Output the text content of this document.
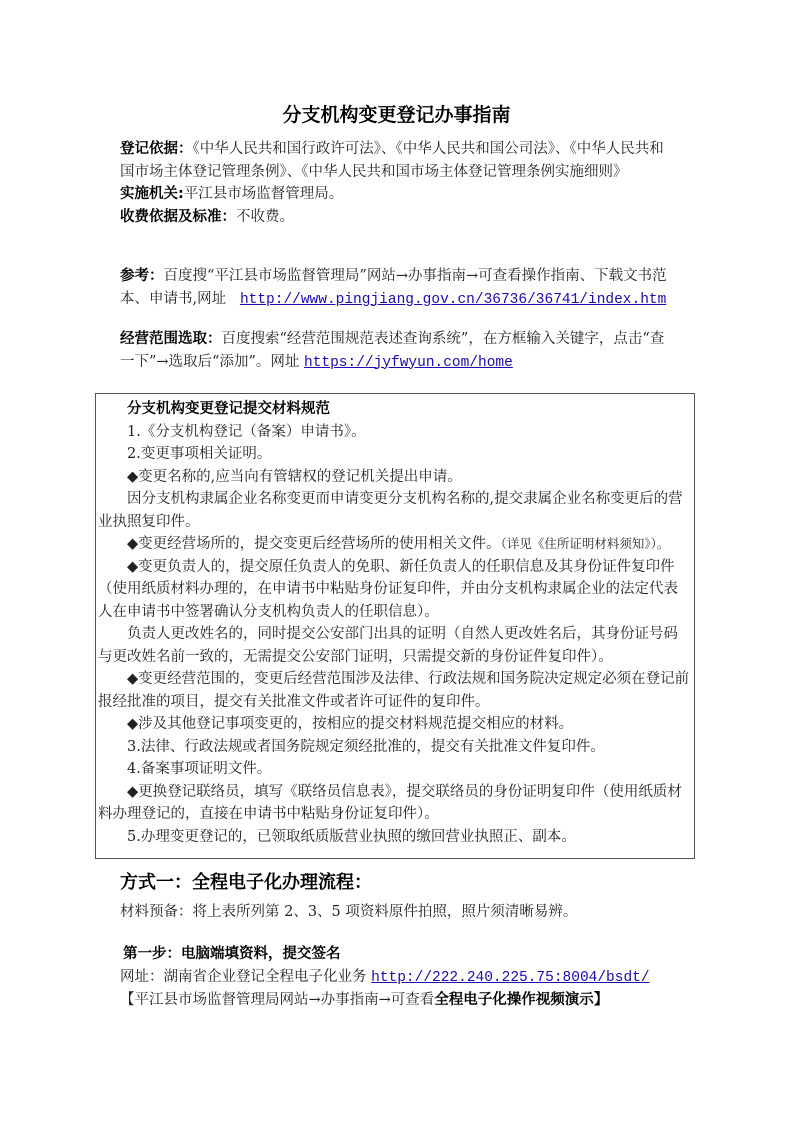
分支机构变更登记办事指南

登记依据：《中华人民共和国行政许可法》、《中华人民共和国公司法》、《中华人民共和国市场主体登记管理条例》、《中华人民共和国市场主体登记管理条例实施细则》

实施机关:平江县市场监督管理局。

收费依据及标准：不收费。

参考：百度搜“平江县市场监督管理局”网站→办事指南→可查看操作指南、下载文书范本、申请书,网址 http://www.pingjiang.gov.cn/36736/36741/index.htm

经营范围选取：百度搜索“经营范围规范表述查询系统”，在方框输入关键字，点击“查一下”→选取后“添加”。网址 https://jyfwyun.com/home

分支机构变更登记提交材料规范

1.《分支机构登记（备案）申请书》。

2.变更事项相关证明。

◆变更名称的,应当向有管辖权的登记机关提出申请。

因分支机构隶属企业名称变更而申请变更分支机构名称的,提交隶属企业名称变更后的营业执照复印件。

◆变更经营场所的，提交变更后经营场所的使用相关文件。（详见《住所证明材料须知》）。

◆变更负责人的，提交原任负责人的免职、新任负责人的任职信息及其身份证件复印件（使用纸质材料办理的，在申请书中粘贴身份证复印件，并由分支机构隶属企业的法定代表人在申请书中签署确认分支机构负责人的任职信息）。

负责人更改姓名的，同时提交公安部门出具的证明（自然人更改姓名后，其身份证号码与更改姓名前一致的，无需提交公安部门证明，只需提交新的身份证件复印件）。

◆变更经营范围的，变更后经营范围涉及法律、行政法规和国务院决定规定必须在登记前报经批准的项目，提交有关批准文件或者许可证件的复印件。

◆涉及其他登记事项变更的，按相应的提交材料规范提交相应的材料。

3.法律、行政法规或者国务院规定须经批准的，提交有关批准文件复印件。

4.备案事项证明文件。

◆更换登记联络员，填写《联络员信息表》，提交联络员的身份证明复印件（使用纸质材料办理登记的，直接在申请书中粘贴身份证复印件）。

5.办理变更登记的，已领取纸质版营业执照的缴回营业执照正、副本。

方式一：全程电子化办理流程：

材料预备：将上表所列第 2、3、5 项资料原件拍照，照片须清晰易辨。

第一步：电脑端填资料，提交签名

网址：湖南省企业登记全程电子化业务 http://222.240.225.75:8004/bsdt/

【平江县市场监督管理局网站→办事指南→可查看全程电子化操作视频演示】
